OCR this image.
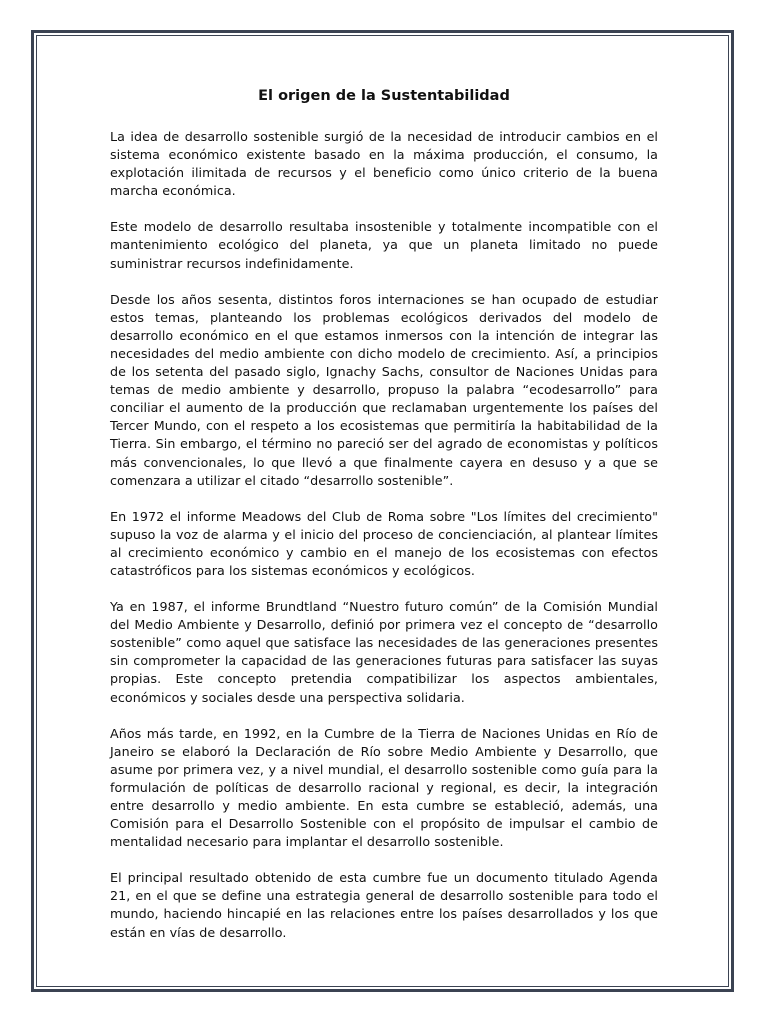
El origen de la Sustentabilidad

La idea de desarrollo sostenible surgió de la necesidad de introducir cambios en el sistema económico existente basado en la máxima producción, el consumo, la explotación ilimitada de recursos y el beneficio como único criterio de la buena marcha económica.

Este modelo de desarrollo resultaba insostenible y totalmente incompatible con el mantenimiento ecológico del planeta, ya que un planeta limitado no puede suministrar recursos indefinidamente.

Desde los años sesenta, distintos foros internaciones se han ocupado de estudiar estos temas, planteando los problemas ecológicos derivados del modelo de desarrollo económico en el que estamos inmersos con la intención de integrar las necesidades del medio ambiente con dicho modelo de crecimiento. Así, a principios de los setenta del pasado siglo, Ignachy Sachs, consultor de Naciones Unidas para temas de medio ambiente y desarrollo, propuso la palabra “ecodesarrollo” para conciliar el aumento de la producción que reclamaban urgentemente los países del Tercer Mundo, con el respeto a los ecosistemas que permitiría la habitabilidad de la Tierra. Sin embargo, el término no pareció ser del agrado de economistas y políticos más convencionales, lo que llevó a que finalmente cayera en desuso y a que se comenzara a utilizar el citado “desarrollo sostenible”.

En 1972 el informe Meadows del Club de Roma sobre "Los límites del crecimiento" supuso la voz de alarma y el inicio del proceso de concienciación, al plantear límites al crecimiento económico y cambio en el manejo de los ecosistemas con efectos catastróficos para los sistemas económicos y ecológicos.

Ya en 1987, el informe Brundtland “Nuestro futuro común” de la Comisión Mundial del Medio Ambiente y Desarrollo, definió por primera vez el concepto de “desarrollo sostenible” como aquel que satisface las necesidades de las generaciones presentes sin comprometer la capacidad de las generaciones futuras para satisfacer las suyas propias. Este concepto pretendia compatibilizar los aspectos ambientales, económicos y sociales desde una perspectiva solidaria.

Años más tarde, en 1992, en la Cumbre de la Tierra de Naciones Unidas en Río de Janeiro se elaboró la Declaración de Río sobre Medio Ambiente y Desarrollo, que asume por primera vez, y a nivel mundial, el desarrollo sostenible como guía para la formulación de políticas de desarrollo racional y regional, es decir, la integración entre desarrollo y medio ambiente. En esta cumbre se estableció, además, una Comisión para el Desarrollo Sostenible con el propósito de impulsar el cambio de mentalidad necesario para implantar el desarrollo sostenible.

El principal resultado obtenido de esta cumbre fue un documento titulado Agenda 21, en el que se define una estrategia general de desarrollo sostenible para todo el mundo, haciendo hincapié en las relaciones entre los países desarrollados y los que están en vías de desarrollo.
